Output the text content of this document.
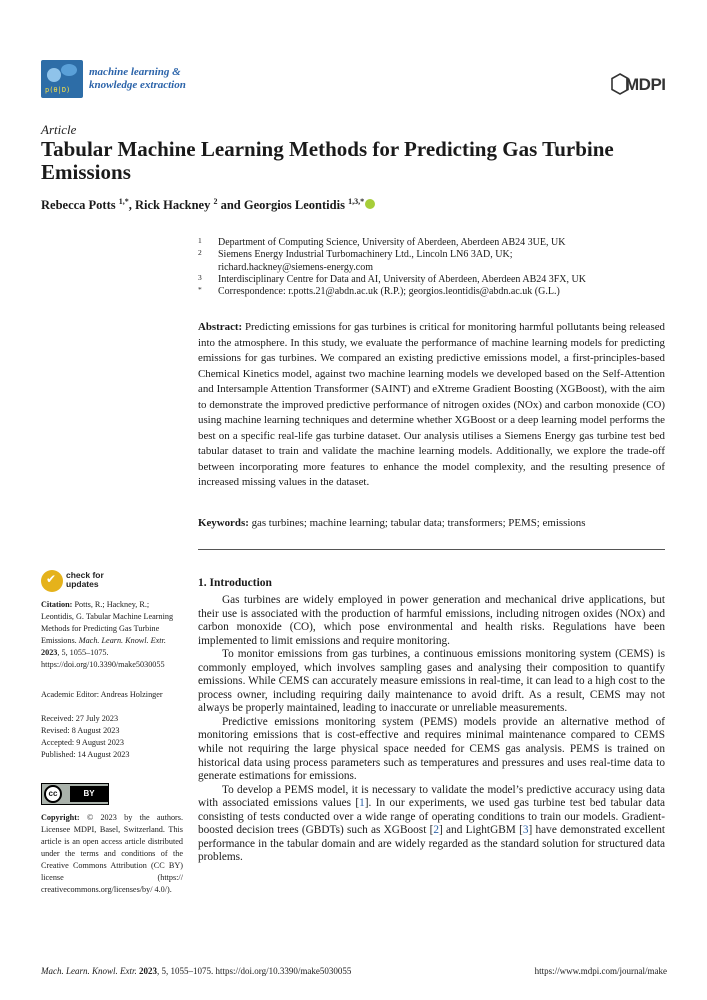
p(θ|D)
machine learning &
knowledge extraction	MDPI
Article
Tabular Machine Learning Methods for Predicting Gas Turbine Emissions
Rebecca Potts $^{1,*}$, Rick Hackney $^2$ and Georgios Leontidis $^{1,3,*}$
1 Department of Computing Science, University of Aberdeen, Aberdeen AB24 3UE, UK
2 Siemens Energy Industrial Turbomachinery Ltd., Lincoln LN6 3AD, UK;
richard.hackney@siemens-energy.com
3 Interdisciplinary Centre for Data and AI, University of Aberdeen, Aberdeen AB24 3FX, UK
* Correspondence: r.potts.21@abdn.ac.uk (R.P.); georgios.leontidis@abdn.ac.uk (G.L.)
Abstract: Predicting emissions for gas turbines is critical for monitoring harmful pollutants being released into the atmosphere. In this study, we evaluate the performance of machine learning models for predicting emissions for gas turbines. We compared an existing predictive emissions model, a first-principles-based Chemical Kinetics model, against two machine learning models we developed based on the Self-Attention and Intersample Attention Transformer (SAINT) and eXtreme Gradient Boosting (XGBoost), with the aim to demonstrate the improved predictive performance of nitrogen oxides (NOx) and carbon monoxide (CO) using machine learning techniques and determine whether XGBoost or a deep learning model performs the best on a specific real-life gas turbine dataset. Our analysis utilises a Siemens Energy gas turbine test bed tabular dataset to train and validate the machine learning models. Additionally, we explore the trade-off between incorporating more features to enhance the model complexity, and the resulting presence of increased missing values in the dataset.
Keywords: gas turbines; machine learning; tabular data; transformers; PEMS; emissions
✔
check for
updates
Citation: Potts, R.; Hackney, R.; Leontidis, G. Tabular Machine Learning Methods for Predicting Gas Turbine Emissions. Mach. Learn. Knowl. Extr. 2023, 5, 1055–1075. https://doi.org/10.3390/make5030055
Academic Editor: Andreas Holzinger
Received: 27 July 2023
Revised: 8 August 2023
Accepted: 9 August 2023
Published: 14 August 2023
cc	BY
Copyright: © 2023 by the authors. Licensee MDPI, Basel, Switzerland. This article is an open access article distributed under the terms and conditions of the Creative Commons Attribution (CC BY) license (https:// creativecommons.org/licenses/by/ 4.0/).
1. Introduction

Gas turbines are widely employed in power generation and mechanical drive applications, but their use is associated with the production of harmful emissions, including nitrogen oxides (NOx) and carbon monoxide (CO), which pose environmental and health risks. Regulations have been implemented to limit emissions and require monitoring.

To monitor emissions from gas turbines, a continuous emissions monitoring system (CEMS) is commonly employed, which involves sampling gases and analysing their composition to quantify emissions. While CEMS can accurately measure emissions in real-time, it can lead to a high cost to the process owner, including requiring daily maintenance to avoid drift. As a result, CEMS may not always be properly maintained, leading to inaccurate or unreliable measurements.

Predictive emissions monitoring system (PEMS) models provide an alternative method of monitoring emissions that is cost-effective and requires minimal maintenance compared to CEMS while not requiring the large physical space needed for CEMS gas analysis. PEMS is trained on historical data using process parameters such as temperatures and pressures and uses real-time data to generate estimations for emissions.

To develop a PEMS model, it is necessary to validate the model’s predictive accuracy using data with associated emissions values [1]. In our experiments, we used gas turbine test bed tabular data consisting of tests conducted over a wide range of operating conditions to train our models. Gradient-boosted decision trees (GBDTs) such as XGBoost [2] and LightGBM [3] have demonstrated excellent performance in the tabular domain and are widely regarded as the standard solution for structured data problems.

Mach. Learn. Knowl. Extr. 2023, 5, 1055–1075. https://doi.org/10.3390/make5030055	https://www.mdpi.com/journal/make
